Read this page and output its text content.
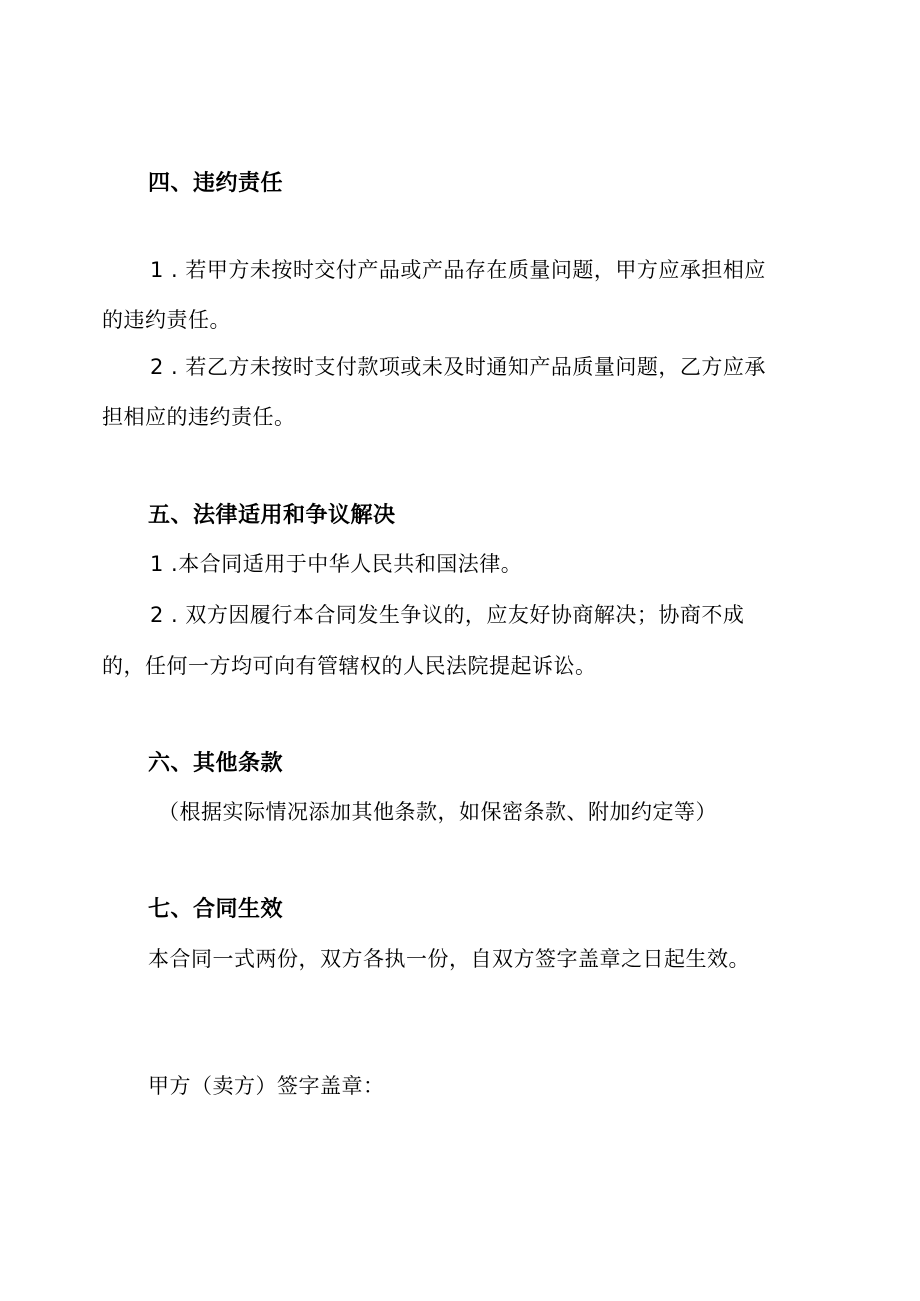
四、违约责任
1 . 若甲方未按时交付产品或产品存在质量问题，甲方应承担相应
的违约责任。
2 . 若乙方未按时支付款项或未及时通知产品质量问题，乙方应承
担相应的违约责任。
五、法律适用和争议解决
1 .本合同适用于中华人民共和国法律。
2 . 双方因履行本合同发生争议的，应友好协商解决；协商不成
的，任何一方均可向有管辖权的人民法院提起诉讼。
六、其他条款
（根据实际情况添加其他条款，如保密条款、附加约定等）
七、合同生效
本合同一式两份，双方各执一份，自双方签字盖章之日起生效。
甲方（卖方）签字盖章：
